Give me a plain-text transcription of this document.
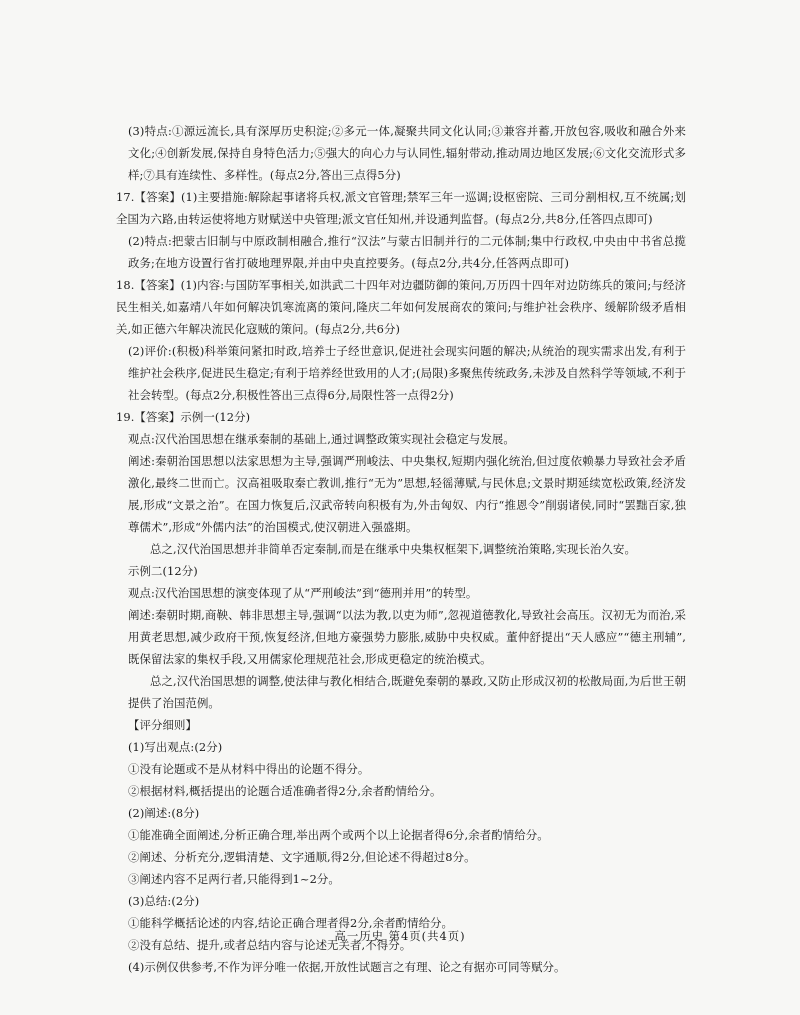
(3)特点:①源远流长,具有深厚历史积淀;②多元一体,凝聚共同文化认同;③兼容并蓄,开放包容,吸收和融合外来文化;④创新发展,保持自身特色活力;⑤强大的向心力与认同性,辐射带动,推动周边地区发展;⑥文化交流形式多样;⑦具有连续性、多样性。(每点2分,答出三点得5分)

17.【答案】(1)主要措施:解除起事诸将兵权,派文官管理;禁军三年一巡调;设枢密院、三司分割相权,互不统属;划全国为六路,由转运使将地方财赋送中央管理;派文官任知州,并设通判监督。(每点2分,共8分,任答四点即可)

(2)特点:把蒙古旧制与中原政制相融合,推行“汉法”与蒙古旧制并行的二元体制;集中行政权,中央由中书省总揽政务;在地方设置行省打破地理界限,并由中央直控要务。(每点2分,共4分,任答两点即可)

18.【答案】(1)内容:与国防军事相关,如洪武二十四年对边疆防御的策问,万历四十四年对边防练兵的策问;与经济民生相关,如嘉靖八年如何解决饥寒流离的策问,隆庆二年如何发展商农的策问;与维护社会秩序、缓解阶级矛盾相关,如正德六年解决流民化寇贼的策问。(每点2分,共6分)

(2)评价:(积极)科举策问紧扣时政,培养士子经世意识,促进社会现实问题的解决;从统治的现实需求出发,有利于维护社会秩序,促进民生稳定;有利于培养经世致用的人才;(局限)多聚焦传统政务,未涉及自然科学等领域,不利于社会转型。(每点2分,积极性答出三点得6分,局限性答一点得2分)

19.【答案】示例一(12分)

观点:汉代治国思想在继承秦制的基础上,通过调整政策实现社会稳定与发展。

阐述:秦朝治国思想以法家思想为主导,强调严刑峻法、中央集权,短期内强化统治,但过度依赖暴力导致社会矛盾激化,最终二世而亡。汉高祖吸取秦亡教训,推行“无为”思想,轻徭薄赋,与民休息;文景时期延续宽松政策,经济发展,形成“文景之治”。在国力恢复后,汉武帝转向积极有为,外击匈奴、内行“推恩令”削弱诸侯,同时“罢黜百家,独尊儒术”,形成“外儒内法”的治国模式,使汉朝进入强盛期。

总之,汉代治国思想并非简单否定秦制,而是在继承中央集权框架下,调整统治策略,实现长治久安。

示例二(12分)

观点:汉代治国思想的演变体现了从“严刑峻法”到“德刑并用”的转型。

阐述:秦朝时期,商鞅、韩非思想主导,强调“以法为教,以吏为师”,忽视道德教化,导致社会高压。汉初无为而治,采用黄老思想,减少政府干预,恢复经济,但地方豪强势力膨胀,威胁中央权威。董仲舒提出“天人感应”“德主刑辅”,既保留法家的集权手段,又用儒家伦理规范社会,形成更稳定的统治模式。

总之,汉代治国思想的调整,使法律与教化相结合,既避免秦朝的暴政,又防止形成汉初的松散局面,为后世王朝提供了治国范例。

【评分细则】

(1)写出观点:(2分)

①没有论题或不是从材料中得出的论题不得分。

②根据材料,概括提出的论题合适准确者得2分,余者酌情给分。

(2)阐述:(8分)

①能准确全面阐述,分析正确合理,举出两个或两个以上论据者得6分,余者酌情给分。

②阐述、分析充分,逻辑清楚、文字通顺,得2分,但论述不得超过8分。

③阐述内容不足两行者,只能得到1~2分。

(3)总结:(2分)

①能科学概括论述的内容,结论正确合理者得2分,余者酌情给分。

②没有总结、提升,或者总结内容与论述无关者,不得分。

(4)示例仅供参考,不作为评分唯一依据,开放性试题言之有理、论之有据亦可同等赋分。

高一历史 第4页(共4页)
